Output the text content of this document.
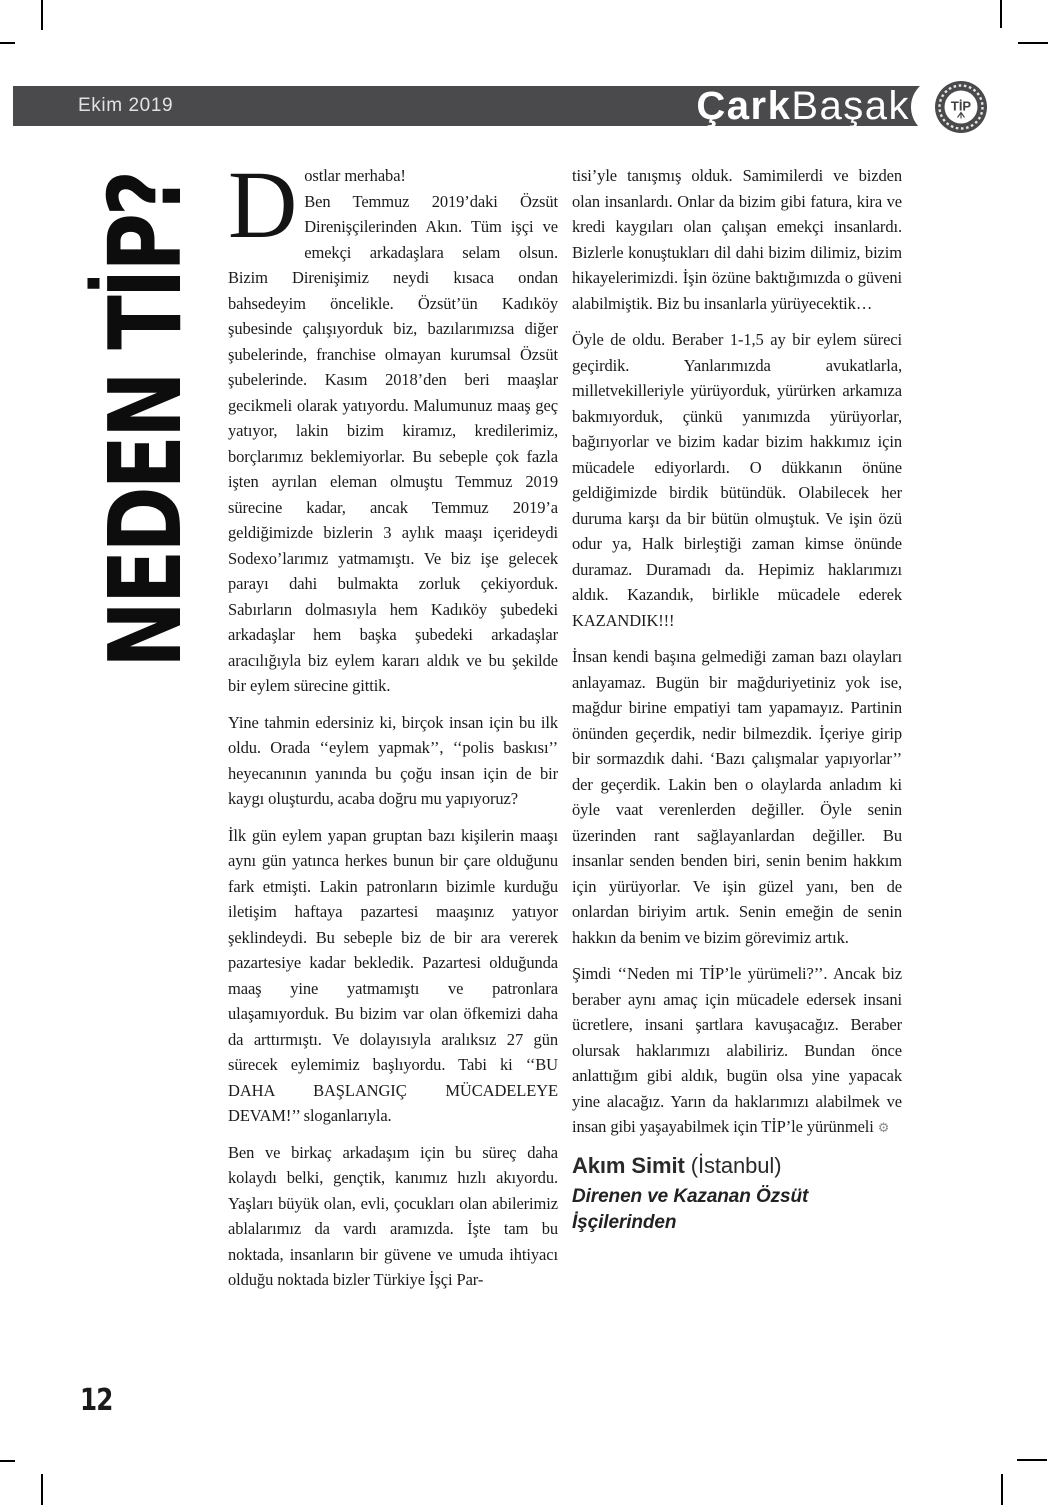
Ekim 2019	ÇarkBaşak	TİP
NEDEN TİP? Dostlar merhaba!
Ben Temmuz 2019’daki Özsüt Direnişçilerinden Akın. Tüm işçi ve emekçi arkadaşlara selam olsun. Bizim Direnişimiz neydi kısaca ondan bahsedeyim öncelikle. Özsüt’ün Kadıköy şubesinde çalışıyorduk biz, bazılarımızsa diğer şubelerinde, franchise olmayan kurumsal Özsüt şubelerinde. Kasım 2018’den beri maaşlar gecikmeli olarak yatıyordu. Malumunuz maaş geç yatıyor, lakin bizim kiramız, kredilerimiz, borçlarımız beklemiyorlar. Bu sebeple çok fazla işten ayrılan eleman olmuştu Temmuz 2019 sürecine kadar, ancak Temmuz 2019’a geldiğimizde bizlerin 3 aylık maaşı içerideydi Sodexo’larımız yatmamıştı. Ve biz işe gelecek parayı dahi bulmakta zorluk çekiyorduk. Sabırların dolmasıyla hem Kadıköy şubedeki arkadaşlar hem başka şubedeki arkadaşlar aracılığıyla biz eylem kararı aldık ve bu şekilde bir eylem sürecine gittik.

Yine tahmin edersiniz ki, birçok insan için bu ilk oldu. Orada ‘‘eylem yapmak’’, ‘‘polis baskısı’’ heyecanının yanında bu çoğu insan için de bir kaygı oluşturdu, acaba doğru mu yapıyoruz?

İlk gün eylem yapan gruptan bazı kişilerin maaşı aynı gün yatınca herkes bunun bir çare olduğunu fark etmişti. Lakin patronların bizimle kurduğu iletişim haftaya pazartesi maaşınız yatıyor şeklindeydi. Bu sebeple biz de bir ara vererek pazartesiye kadar bekledik. Pazartesi olduğunda maaş yine yatmamıştı ve patronlara ulaşamıyorduk. Bu bizim var olan öfkemizi daha da arttırmıştı. Ve dolayısıyla aralıksız 27 gün sürecek eylemimiz başlıyordu. Tabi ki ‘‘BU DAHA BAŞLANGIÇ MÜCADELEYE DEVAM!’’ sloganlarıyla.

Ben ve birkaç arkadaşım için bu süreç daha kolaydı belki, gençtik, kanımız hızlı akıyordu. Yaşları büyük olan, evli, çocukları olan abilerimiz ablalarımız da vardı aramızda. İşte tam bu noktada, insanların bir güvene ve umuda ihtiyacı olduğu noktada bizler Türkiye İşçi Par-

tisi’yle tanışmış olduk. Samimilerdi ve bizden olan insanlardı. Onlar da bizim gibi fatura, kira ve kredi kaygıları olan çalışan emekçi insanlardı. Bizlerle konuştukları dil dahi bizim dilimiz, bizim hikayelerimizdi. İşin özüne baktığımızda o güveni alabilmiştik. Biz bu insanlarla yürüyecektik…

Öyle de oldu. Beraber 1-1,5 ay bir eylem süreci geçirdik. Yanlarımızda avukatlarla, milletvekilleriyle yürüyorduk, yürürken arkamıza bakmıyorduk, çünkü yanımızda yürüyorlar, bağırıyorlar ve bizim kadar bizim hakkımız için mücadele ediyorlardı. O dükkanın önüne geldiğimizde birdik bütündük. Olabilecek her duruma karşı da bir bütün olmuştuk. Ve işin özü odur ya, Halk birleştiği zaman kimse önünde duramaz. Duramadı da. Hepimiz haklarımızı aldık. Kazandık, birlikle mücadele ederek KAZANDIK!!!

İnsan kendi başına gelmediği zaman bazı olayları anlayamaz. Bugün bir mağduriyetiniz yok ise, mağdur birine empatiyi tam yapamayız. Partinin önünden geçerdik, nedir bilmezdik. İçeriye girip bir sormazdık dahi. ‘Bazı çalışmalar yapıyorlar’’ der geçerdik. Lakin ben o olaylarda anladım ki öyle vaat verenlerden değiller. Öyle senin üzerinden rant sağlayanlardan değiller. Bu insanlar senden benden biri, senin benim hakkım için yürüyorlar. Ve işin güzel yanı, ben de onlardan biriyim artık. Senin emeğin de senin hakkın da benim ve bizim görevimiz artık.

Şimdi ‘‘Neden mi TİP’le yürümeli?’’. Ancak biz beraber aynı amaç için mücadele edersek insani ücretlere, insani şartlara kavuşacağız. Beraber olursak haklarımızı alabiliriz. Bundan önce anlattığım gibi aldık, bugün olsa yine yapacak yine alacağız. Yarın da haklarımızı alabilmek ve insan gibi yaşayabilmek için TİP’le yürünmeli ⚙

Akım Simit (İstanbul)
Direnen ve Kazanan Özsüt İşçilerinden
12
